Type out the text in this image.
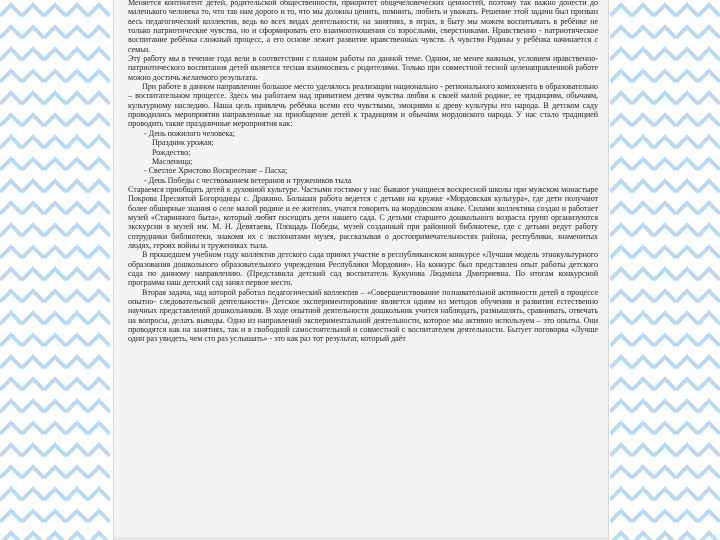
Меняется контингент детей, родительской общественности, приоритет общечеловеческих ценностей, поэтому так важно донести до маленького человека то, что так нам дорого и то, что мы должны ценить, помнить, любить и уважать. Решение этой задачи был призван весь педагогический коллектив, ведь во всех видах деятельности, на занятиях, в играх, в быту мы можем воспитывать в ребёнке не только патриотические чувства, но и сформировать его взаимоотношения со взрослыми, сверстниками. Нравственно - патриотическое воспитание ребёнка сложный процесс, а его основе лежит развитие нравственных чувств. А чувство Родины у ребёнка начинается с семьи.

Эту работу мы в течение года вели в соответствии с планом работы по данной теме. Одним, не менее важным, условием нравственно- патриотического воспитания детей является тесная взаимосвязь с родителями. Только при совместной тесной целенаправленной работе можно достичь желаемого результата.

При работе в данном направлении большое место уделялось реализации национально - регионального компонента в образовательно – воспитательном процессе. Здесь мы работаем над привитием детям чувства любви к своей малой родине, ее традициям, обычаям, культурному наследию. Наша цель привлечь ребёнка всеми его чувствами, эмоциями к древу культуры его народа. В детском саду проводились мероприятия направленные на приобщение детей к традициям и обычаям мордовского народа. У нас стало традицией проводить такие праздничные мероприятия как:

- День пожилого человека;

Праздник урожая;

Рождество;

Масленица;

- Светлое Христово Воскресение – Пасха;

- День Победы с чествованием ветеранов и тружеников тыла

Стараемся приобщать детей к духовной культуре. Частыми гостями у нас бывают учащиеся воскресной школы при мужском монастыре Покрова Пресвятой Богородицы с. Дракино. Большая работа ведется с детьми на кружке «Мордовская культура», где дети получают более обширные знания о селе малой родине и ее жителях, учатся говорить на мордовском языке. Силами коллектива создан и работает музей «Старинного быта», который любят посещать дети нашего сада. С детьми старшего дошкольного возраста групп организуются экскурсии в музей им. М. Н. Девятаева, Площадь Победы, музей созданный при районной библиотеке, где с детьми ведут работу сотрудники библиотеки, знакомя их с экспонатами музея, рассказывая о достопримечательностях района, республики, знаменитых людях, героях войны и тружениках тыла.

В прошедшем учебном году коллектив детского сада принял участие в республиканском конкурсе «Лучшая модель этнокультурного образования дошкольного образовательного учреждения Республики Мордовия». На конкурс был представлен опыт работы детского сада по данному направлению. (Представила детский сад воспитатель Кукунова Людмила Дмитриевна. По итогам конкурсной программа наш детский сад занял первое место.

Вторая задача, над которой работал педагогический коллектив – «Совершенствование познавательной активности детей в процессе опытно- следовательской деятельности» Детское экспериментирование является одним из методов обучения и развития естественно научных представлений дошкольников. В ходе опытной деятельности дошкольник учится наблюдать, размышлять, сравнивать, отвечать на вопросы, делать выводы. Одно из направлений экспериментальной деятельности, которое мы активно используем – это опыты. Они проводятся как на занятиях, так и в свободной самостоятельной и совместной с воспитателем деятельности. Бытует поговорка «Лучше один раз увидеть, чем сто раз услышать» - это как раз тот результат, который даёт
